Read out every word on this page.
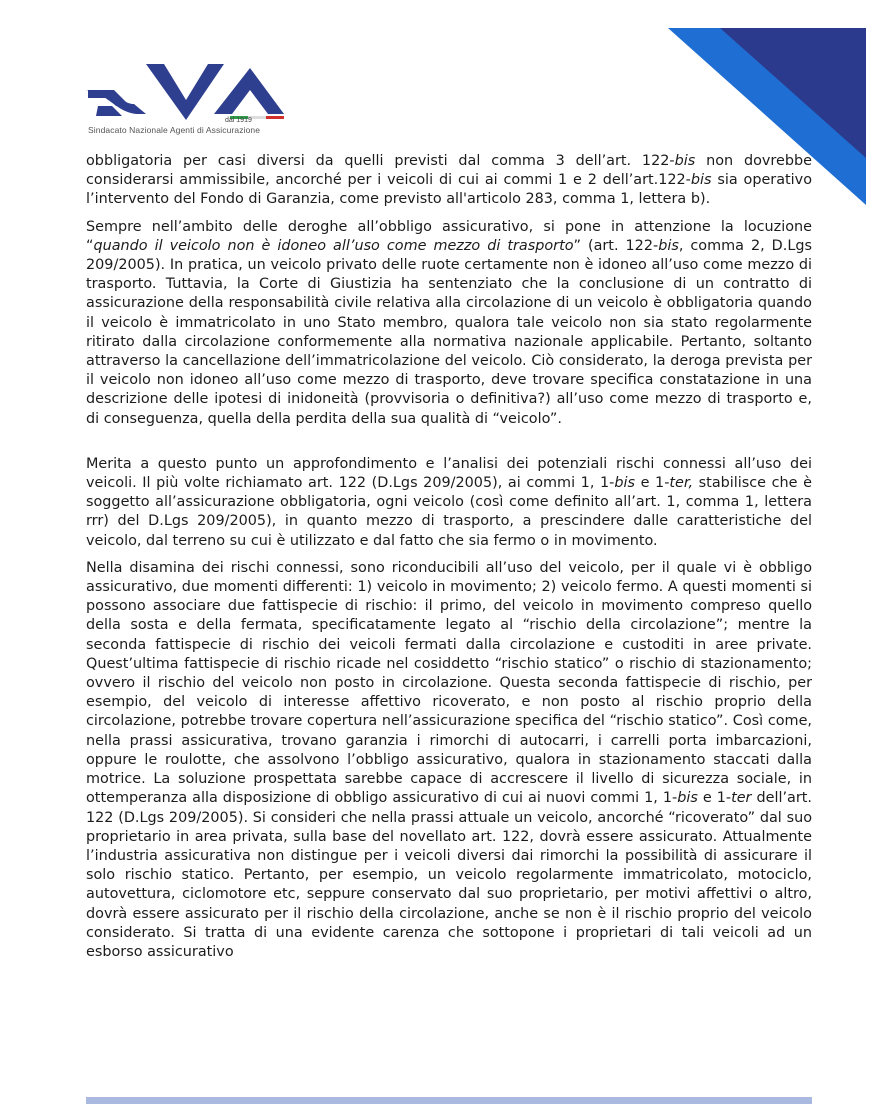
dal 1919
Sindacato Nazionale Agenti di Assicurazione

obbligatoria per casi diversi da quelli previsti dal comma 3 dell’art. 122-bis non dovrebbe considerarsi ammissibile, ancorché per i veicoli di cui ai commi 1 e 2 dell’art.122-bis sia operativo l’intervento del Fondo di Garanzia, come previsto all'articolo 283, comma 1, lettera b).

Sempre nell’ambito delle deroghe all’obbligo assicurativo, si pone in attenzione la locuzione “quando il veicolo non è idoneo all’uso come mezzo di trasporto” (art. 122-bis, comma 2, D.Lgs 209/2005). In pratica, un veicolo privato delle ruote certamente non è idoneo all’uso come mezzo di trasporto. Tuttavia, la Corte di Giustizia ha sentenziato che la conclusione di un contratto di assicurazione della responsabilità civile relativa alla circolazione di un veicolo è obbligatoria quando il veicolo è immatricolato in uno Stato membro, qualora tale veicolo non sia stato regolarmente ritirato dalla circolazione conformemente alla normativa nazionale applicabile. Pertanto, soltanto attraverso la cancellazione dell’immatricolazione del veicolo. Ciò considerato, la deroga prevista per il veicolo non idoneo all’uso come mezzo di trasporto, deve trovare specifica constatazione in una descrizione delle ipotesi di inidoneità (provvisoria o definitiva?) all’uso come mezzo di trasporto e, di conseguenza, quella della perdita della sua qualità di “veicolo”.

Merita a questo punto un approfondimento e l’analisi dei potenziali rischi connessi all’uso dei veicoli. Il più volte richiamato art. 122 (D.Lgs 209/2005), ai commi 1, 1-bis e 1-ter, stabilisce che è soggetto all’assicurazione obbligatoria, ogni veicolo (così come definito all’art. 1, comma 1, lettera rrr) del D.Lgs 209/2005), in quanto mezzo di trasporto, a prescindere dalle caratteristiche del veicolo, dal terreno su cui è utilizzato e dal fatto che sia fermo o in movimento.

Nella disamina dei rischi connessi, sono riconducibili all’uso del veicolo, per il quale vi è obbligo assicurativo, due momenti differenti: 1) veicolo in movimento; 2) veicolo fermo. A questi momenti si possono associare due fattispecie di rischio: il primo, del veicolo in movimento compreso quello della sosta e della fermata, specificatamente legato al “rischio della circolazione”; mentre la seconda fattispecie di rischio dei veicoli fermati dalla circolazione e custoditi in aree private. Quest’ultima fattispecie di rischio ricade nel cosiddetto “rischio statico” o rischio di stazionamento; ovvero il rischio del veicolo non posto in circolazione. Questa seconda fattispecie di rischio, per esempio, del veicolo di interesse affettivo ricoverato, e non posto al rischio proprio della circolazione, potrebbe trovare copertura nell’assicurazione specifica del “rischio statico”. Così come, nella prassi assicurativa, trovano garanzia i rimorchi di autocarri, i carrelli porta imbarcazioni, oppure le roulotte, che assolvono l’obbligo assicurativo, qualora in stazionamento staccati dalla motrice. La soluzione prospettata sarebbe capace di accrescere il livello di sicurezza sociale, in ottemperanza alla disposizione di obbligo assicurativo di cui ai nuovi commi 1, 1-bis e 1-ter dell’art. 122 (D.Lgs 209/2005). Si consideri che nella prassi attuale un veicolo, ancorché “ricoverato” dal suo proprietario in area privata, sulla base del novellato art. 122, dovrà essere assicurato. Attualmente l’industria assicurativa non distingue per i veicoli diversi dai rimorchi la possibilità di assicurare il solo rischio statico. Pertanto, per esempio, un veicolo regolarmente immatricolato, motociclo, autovettura, ciclomotore etc, seppure conservato dal suo proprietario, per motivi affettivi o altro, dovrà essere assicurato per il rischio della circolazione, anche se non è il rischio proprio del veicolo considerato. Si tratta di una evidente carenza che sottopone i proprietari di tali veicoli ad un esborso assicurativo
